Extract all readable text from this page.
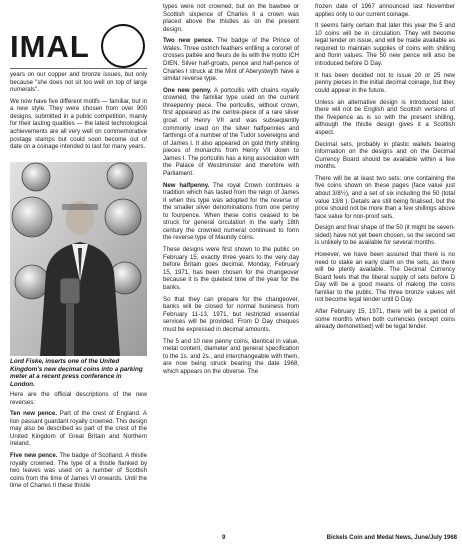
IMAL

years on our copper and bronze issues, but only because "she does not sit too well on top of large numerals".

We now have five different motifs — familiar, but in a new style. They were chosen from over 900 designs, submitted in a public competition, mainly for their lasting qualities — the latest technological achievements are all very well on commemorative postage stamps but could soon become out of date on a coinage intended to last for many years.

Lord Fiske, inserts one of the United Kingdom's new decimal coins into a parking meter at a recent press conference in London.

Here are the official descriptions of the new reverses:

Ten new pence. Part of the crest of England. A lion passant guardant royally crowned. This design may also be described as part of the crest of the United Kingdom of Great Britain and Northern Ireland.

Five new pence. The badge of Scotland. A thistle royally crowned. The type of a thistle flanked by two leaves was used on a number of Scottish coins from the time of James VI onwards. Until the time of Charles II these thistle

types were not crowned, but on the bawbee or Scottish sixpence of Charles II a crown was placed above the thistles as on the present design.

Two new pence. The badge of the Prince of Wales. Three ostrich feathers enfiling a coronet of crosses pattée and fleurs de lis with the motto ICH DIEN. Silver half-groats, pence and half-pence of Charles I struck at the Mint of Aberystwyth have a similar reverse type.

One new penny. A portcullis with chains royally crowned, the familiar type used on the current threepenny piece. The portcullis, without crown, first appeared as the centre-piece of a rare silver groat of Henry VII and was subsequently commonly used on the silver halfpennies and farthings of a number of the Tudor sovereigns and of James I. It also appeared on gold thirty shilling pieces of monarchs from Henry VII down to James I. The portcullis has a long association with the Palace of Westminster and therefore with Parliament.

New halfpenny. The royal Crown continues a tradition which has lasted from the reign of James II when this type was adopted for the reverse of the smaller silver denominations from one penny to fourpence. When these coins ceased to be struck for general circulation in the early 18th century the crowned numeral continued to form the reverse type of Maundy coins.

These designs were first shown to the public on February 15, exactly three years to the very day before Britain goes decimal. Monday, February 15, 1971, has been chosen for the changeover because it is the quietest time of the year for the banks.

So that they can prepare for the changeover, banks will be closed for normal business from February 11-13, 1971, but restricted essential services will be provided. From D Day cheques must be expressed in decimal amounts.

The 5 and 10 new penny coins, identical in value, metal content, diameter and general specification to the 1s. and 2s., and interchangeable with them, are now being struck bearing the date 1968, which appears on the obverse. The

frozen date of 1967 announced last November applies only to our current coinage.

It seems fairly certain that later this year the 5 and 10 coins will be in circulation. They will become legal tender on issue, and will be made available as required to maintain supplies of coins with shilling and florin values. The 50 new pence will also be introduced before D Day.

It has been decided not to issue 20 or 25 new penny pieces in the initial decimal coinage, but they could appear in the future.

Unless an alternative design is introduced later, there will not be English and Scottish versions of the fivepence as is so with the present shilling, although the thistle design gives it a Scottish aspect.

Decimal sets, probably in plastic wallets bearing information on the designs and on the Decimal Currency Board should be available within a few months.

There will be at least two sets: one containing the five coins shown on these pages (face value just about 3/8½), and a set of six including the 50 (total value 13/8 ). Details are still being finalised, but the price should not be more than a few shillings above face value for non-proof sets.

Design and final shape of the 50 (it might be seven-sided) have not yet been chosen, so the second set is unlikely to be available for several months.

However, we have been assured that there is no need to stake an early claim on the sets, as there will be plenty available. The Decimal Currency Board feels that the liberal supply of sets before D Day will be a good means of making the coins familiar to the public. The three bronze values will not become legal tender until D Day.

After February 15, 1971, there will be a period of some months when both currencies (except coins already demonetised) will be legal tender.

9	Bickels Coin and Medal News, June/July 1968
